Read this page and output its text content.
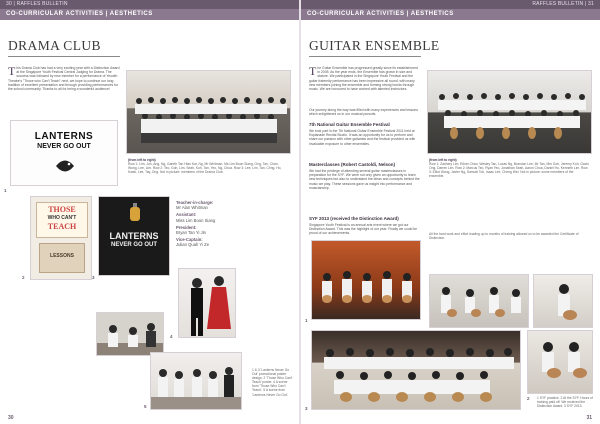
30 | RAFFLES BULLETIN
CO-CURRICULAR ACTIVITIES | AESTHETICS
DRAMA CLUB
T his Drama Club has had a very exciting year with a Distinction Award at the Singapore Youth Festival Central Judging for Drama. The success was followed by new member for a performance of Yeowth Theatre's "Those who Can't Teach" next, we hope to continue our long tradition of excellent presentation and through providing performances for the school community. Thanks to all for being a wonderful audience!
LANTERNS
NEVER GO OUT
1
(from left to right)
Row 1: Lim, Jun, Ang, Ng, Gareth Tan Hian Kai, Ng, Mr Whitman, Ms Lim Boon Siang, Ong, Tan, Chan, Wong, Lee, Lim. Row 2: Teo, Goh, Lim, Seah, Koh, Tan, Yeo, Ng, Chua. Row 3: Lee, Lim, Tan, Chng, Ho, Kwek, Lee, Tay, Ong. Not in picture: members of the Drama Club.
THOSE
WHO CAN'T
TEACH
LESSONS
2
LANTERNS
NEVER GO OUT
3
Teacher-in-charge:
Mr Alan Whitman
Assistant:
Miss Lim Boon Siang
President:
Bryan Tan Yi Jin
Vice-Captain:
Julian Quah Yi Ze
4
5
1 & 3 'Lanterns Never Go Out' promotional poster design. 2 'Those Who Can't Teach' poster. 4 A scene from 'Those Who Can't Teach'. 5 A scene from 'Lanterns Never Go Out'.
30
RAFFLES BULLETIN | 31
CO-CURRICULAR ACTIVITIES | AESTHETICS
GUITAR ENSEMBLE
T he Guitar Ensemble has progressed greatly since its establishment in 2005. As the year ends, the Ensemble has grown in size and stature. We participated in the Singapore Youth Festival and the guitar fraternity performance has been impressive all round, with many new members joining the ensemble and forming strong bonds through music. We are honoured to have worked with talented instructors.
Our journey along the way was filled with many experiences and lessons which enlightened us in our musical pursuits.
7th National Guitar Ensemble Festival
We took part in the 7th National Guitar Ensemble Festival 2011 held at Esplanade Recital Studio. It was an opportunity for us to perform and share our passion with other guitarists and the festival provided us with invaluable exposure to other ensembles.
Masterclasses (Robert Castoldi, Nelson)
We had the privilege of attending several guitar masterclasses in preparation for the SYF. We were not only given an opportunity to learn new techniques but also to understand the ideas and concepts behind the music we play. These sessions gave us insight into performance and musicianship.
SYF 2013 (received the Distinction Award)
Singapore Youth Festival is an annual arts event where we got our Distinction Award. This was the highlight of our year. Finally we could be proud of our achievements.
(from left to right)
Row 1: Zachary Lim, Ethan Chan, Wesley Tan, Lucas Ng, Brandon Lee, Mr Tan, Mrs Goh, Jeremy Koh, Gavin Ong, Darren Lim. Row 2: Marcus Teo, Ryan Yeo, Jonathan Seah, Aaron Chua, Daniel Ho, Kenneth Lim. Row 3: Elliot Wong, Javier Ng, Samuel Toh, Isaac Lee, Cheng Wei. Not in picture: some members of the ensemble.
1
All the hard work and effort leading up to months of training allowed us to be awarded the Certificate of Distinction.
3
2 1 SYF practice. 2 At the SYF. Hours of training paid off. We received the Distinction Award. 3 SYF 2013.
31
